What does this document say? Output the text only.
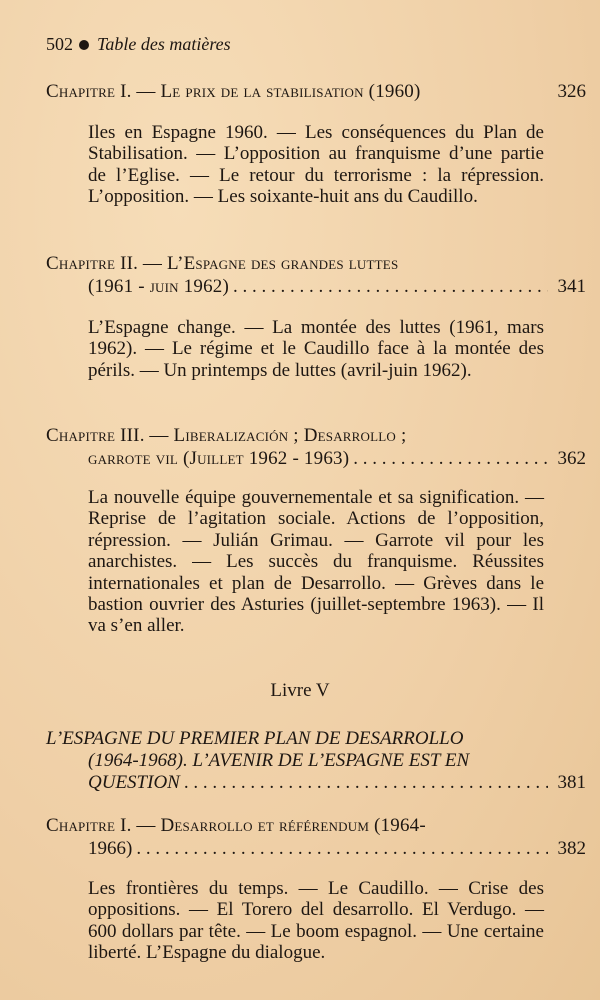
502 Table des matières
Chapitre I.
— Le prix de la stabilisation (1960)	326
Iles en Espagne 1960. — Les conséquences du Plan de Stabilisation. — L’opposition au franquisme d’une partie de l’Eglise. — Le retour du terrorisme : la répression. L’opposition. — Les soixante-huit ans du Caudillo.
Chapitre II.
— L’Espagne des grandes luttes
(1961 - juin 1962) . . .	341
L’Espagne change. — La montée des luttes (1961, mars 1962). — Le régime et le Caudillo face à la montée des périls. — Un printemps de luttes (avril-juin 1962).
Chapitre III.
— Liberalización ; Desarrollo ;
garrote vil (Juillet 1962 - 1963) . . .	362
La nouvelle équipe gouvernementale et sa signification. — Reprise de l’agitation sociale. Actions de l’opposition, répression. — Julián Grimau. — Garrote vil pour les anarchistes. — Les succès du franquisme. Réussites internationales et plan de Desarrollo. — Grèves dans le bastion ouvrier des Asturies (juillet-septembre 1963). — Il va s’en aller.
Livre V
L’ESPAGNE DU PREMIER PLAN DE DESARROLLO
(1964-1968). L’AVENIR DE L’ESPAGNE EST EN
QUESTION . . .	381
Chapitre I.
— Desarrollo et référendum (1964-
1966) . . .	382
Les frontières du temps. — Le Caudillo. — Crise des oppositions. — El Torero del desarrollo. El Verdugo. — 600 dollars par tête. — Le boom espagnol. — Une certaine liberté. L’Espagne du dialogue.
